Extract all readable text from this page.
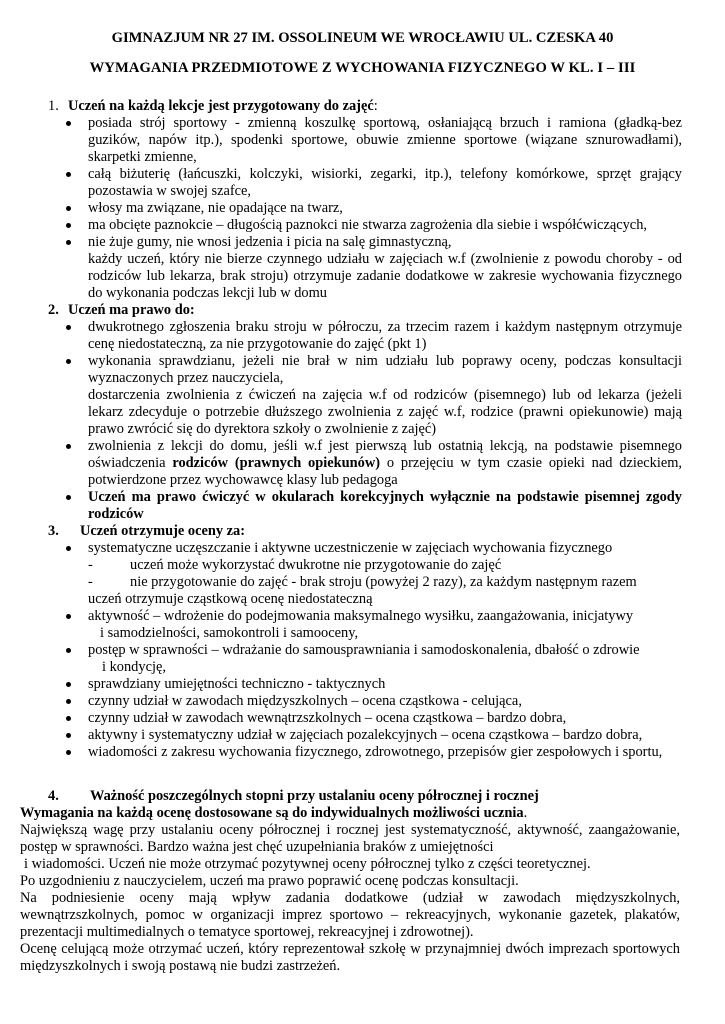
GIMNAZJUM NR 27 IM. OSSOLINEUM WE WROCŁAWIU UL. CZESKA 40
WYMAGANIA PRZEDMIOTOWE Z WYCHOWANIA FIZYCZNEGO W KL. I – III
1. Uczeń na każdą lekcje jest przygotowany do zajęć:
posiada strój sportowy - zmienną koszulkę sportową, osłaniającą brzuch i ramiona (gładką-bez guzików, napów itp.), spodenki sportowe, obuwie zmienne sportowe (wiązane sznurowadłami), skarpetki zmienne,
całą biżuterię (łańcuszki, kolczyki, wisiorki, zegarki, itp.), telefony komórkowe, sprzęt grający pozostawia w swojej szafce,
włosy ma związane, nie opadające na twarz,
ma obcięte paznokcie – długością paznokci nie stwarza zagrożenia dla siebie i współćwiczących,
nie żuje gumy, nie wnosi jedzenia i picia na salę gimnastyczną,
każdy uczeń, który nie bierze czynnego udziału w zajęciach w.f (zwolnienie z powodu choroby - od rodziców lub lekarza, brak stroju) otrzymuje zadanie dodatkowe w zakresie wychowania fizycznego do wykonania podczas lekcji lub w domu
2. Uczeń ma prawo do:
dwukrotnego zgłoszenia braku stroju w półroczu, za trzecim razem i każdym następnym otrzymuje cenę niedostateczną, za nie przygotowanie do zajęć (pkt 1)
wykonania sprawdzianu, jeżeli nie brał w nim udziału lub poprawy oceny, podczas konsultacji wyznaczonych przez nauczyciela,
dostarczenia zwolnienia z ćwiczeń na zajęcia w.f od rodziców (pisemnego) lub od lekarza (jeżeli lekarz zdecyduje o potrzebie dłuższego zwolnienia z zajęć w.f, rodzice (prawni opiekunowie) mają prawo zwrócić się do dyrektora szkoły o zwolnienie z zajęć)
zwolnienia z lekcji do domu, jeśli w.f jest pierwszą lub ostatnią lekcją, na podstawie pisemnego oświadczenia rodziców (prawnych opiekunów) o przejęciu w tym czasie opieki nad dzieckiem, potwierdzone przez wychowawcę klasy lub pedagoga
Uczeń ma prawo ćwiczyć w okularach korekcyjnych wyłącznie na podstawie pisemnej zgody rodziców
3.	Uczeń otrzymuje oceny za:
systematyczne uczęszczanie i aktywne uczestniczenie w zajęciach wychowania fizycznego
-	uczeń może wykorzystać dwukrotne nie przygotowanie do zajęć
-	nie przygotowanie do zajęć - brak stroju (powyżej 2 razy), za każdym następnym razem
uczeń otrzymuje cząstkową ocenę niedostateczną
aktywność – wdrożenie do podejmowania maksymalnego wysiłku, zaangażowania, inicjatywy
i samodzielności, samokontroli i samooceny,
postęp w sprawności – wdrażanie do samousprawniania i samodoskonalenia, dbałość o zdrowie
i kondycję,
sprawdziany umiejętności techniczno - taktycznych
czynny udział w zawodach międzyszkolnych – ocena cząstkowa - celująca,
czynny udział w zawodach wewnątrzszkolnych – ocena cząstkowa – bardzo dobra,
aktywny i systematyczny udział w zajęciach pozalekcyjnych – ocena cząstkowa – bardzo dobra,
wiadomości z zakresu wychowania fizycznego, zdrowotnego, przepisów gier zespołowych i sportu,
4.	Ważność poszczególnych stopni przy ustalaniu oceny półrocznej i rocznej
Wymagania na każdą ocenę dostosowane są do indywidualnych możliwości ucznia.
Największą wagę przy ustalaniu oceny półrocznej i rocznej jest systematyczność, aktywność, zaangażowanie, postęp w sprawności. Bardzo ważna jest chęć uzupełniania braków z umiejętności
i wiadomości. Uczeń nie może otrzymać pozytywnej oceny półrocznej tylko z części teoretycznej.
Po uzgodnieniu z nauczycielem, uczeń ma prawo poprawić ocenę podczas konsultacji.
Na podniesienie oceny mają wpływ zadania dodatkowe (udział w zawodach międzyszkolnych, wewnątrzszkolnych, pomoc w organizacji imprez sportowo – rekreacyjnych, wykonanie gazetek, plakatów, prezentacji multimedialnych o tematyce sportowej, rekreacyjnej i zdrowotnej).
Ocenę celującą może otrzymać uczeń, który reprezentował szkołę w przynajmniej dwóch imprezach sportowych międzyszkolnych i swoją postawą nie budzi zastrzeżeń.
